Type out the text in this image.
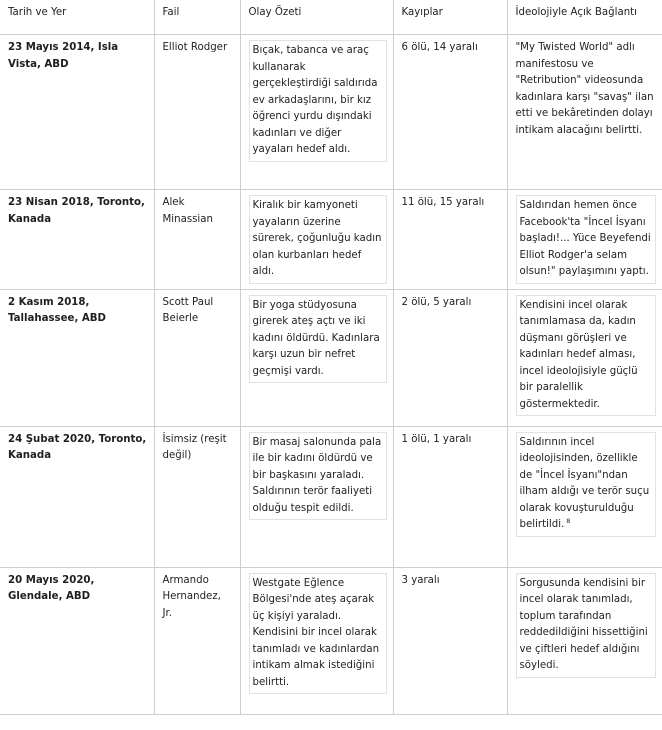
Tarih ve Yer	Fail	Olay Özeti	Kayıplar	İdeolojiyle Açık Bağlantı
23 Mayıs 2014, Isla Vista, ABD	Elliot Rodger	Bıçak, tabanca ve araç kullanarak gerçekleştirdiği saldırıda ev arkadaşlarını, bir kız öğrenci yurdu dışındaki kadınları ve diğer yayaları hedef aldı.	6 ölü, 14 yaralı	"My Twisted World" adlı manifestosu ve "Retribution" videosunda kadınlara karşı "savaş" ilan etti ve bekâretinden dolayı intikam alacağını belirtti.
23 Nisan 2018, Toronto, Kanada	Alek Minassian	Kiralık bir kamyoneti yayaların üzerine sürerek, çoğunluğu kadın olan kurbanları hedef aldı.	11 ölü, 15 yaralı	Saldırıdan hemen önce Facebook'ta "İncel İsyanı başladı!... Yüce Beyefendi Elliot Rodger'a selam olsun!" paylaşımını yaptı.
2 Kasım 2018, Tallahassee, ABD	Scott Paul Beierle	Bir yoga stüdyosuna girerek ateş açtı ve iki kadını öldürdü. Kadınlara karşı uzun bir nefret geçmişi vardı.	2 ölü, 5 yaralı	Kendisini incel olarak tanımlamasa da, kadın düşmanı görüşleri ve kadınları hedef alması, incel ideolojisiyle güçlü bir paralellik göstermektedir.
24 Şubat 2020, Toronto, Kanada	İsimsiz (reşit değil)	Bir masaj salonunda pala ile bir kadını öldürdü ve bir başkasını yaraladı. Saldırının terör faaliyeti olduğu tespit edildi.	1 ölü, 1 yaralı	Saldırının incel ideolojisinden, özellikle de "İncel İsyanı"ndan ilham aldığı ve terör suçu olarak kovuşturulduğu belirtildi. $^8$
20 Mayıs 2020, Glendale, ABD	Armando Hernandez, Jr.	Westgate Eğlence Bölgesi'nde ateş açarak üç kişiyi yaraladı. Kendisini bir incel olarak tanımladı ve kadınlardan intikam almak istediğini belirtti.	3 yaralı	Sorgusunda kendisini bir incel olarak tanımladı, toplum tarafından reddedildiğini hissettiğini ve çiftleri hedef aldığını söyledi.
